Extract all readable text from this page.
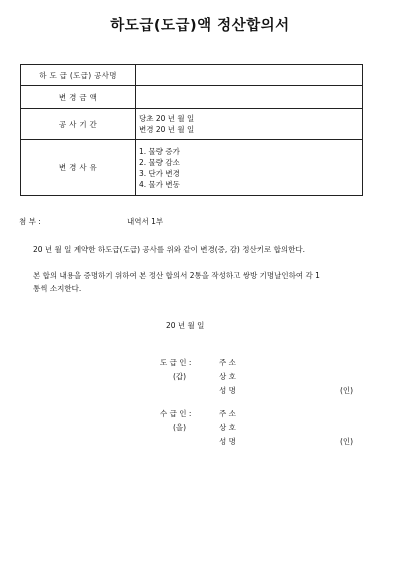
하도급(도급)액 정산합의서
하 도 급 (도급) 공사명	
변 경 금 액	
공 사 기 간	당초 20 년 월 일
변경 20 년 월 일

변 경 사 유	1. 물량 증가
2. 물량 감소
3. 단가 변경
4. 물가 변동
첨 부 :	내역서 1부
20 년 월 일 계약한 하도급(도급) 공사를 위와 같이 변경(증, 감) 정산키로 합의한다.
본 합의 내용을 증명하기 위하여 본 정산 합의서 2통을 작성하고 쌍방 기명날인하여 각 1
통씩 소지한다.
20 년 월 일
도 급 인 :
(갑)
주 소
상 호
성 명	(인)
수 급 인 :
(을)
주 소
상 호
성 명	(인)
